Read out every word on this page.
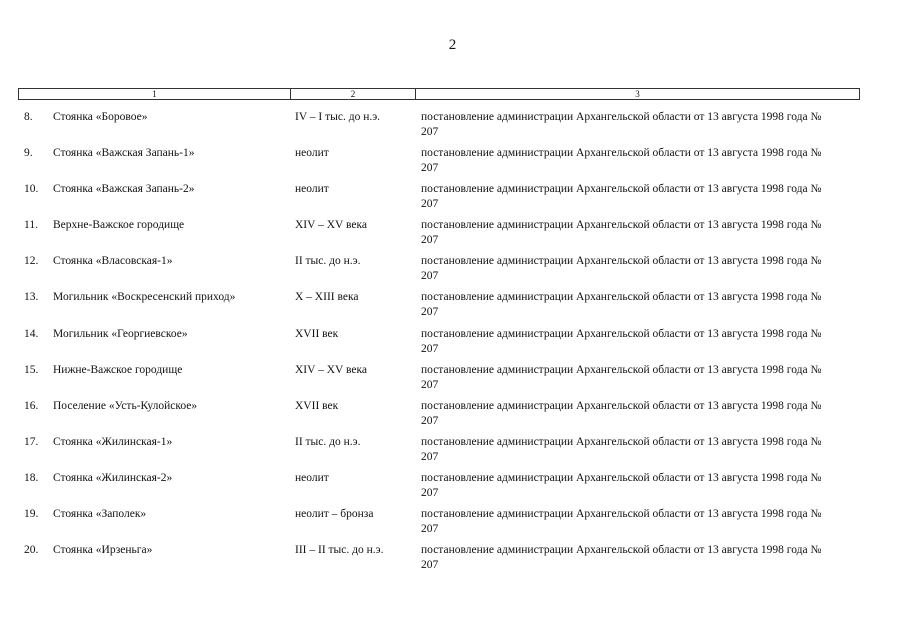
2
1	2	3
8. Стоянка «Боровое»	IV – I тыс. до н.э.	постановление администрации Архангельской области от 13 августа 1998 года № 207
9. Стоянка «Важская Запань-1»	неолит	постановление администрации Архангельской области от 13 августа 1998 года № 207
10. Стоянка «Важская Запань-2»	неолит	постановление администрации Архангельской области от 13 августа 1998 года № 207
11. Верхне-Важское городище	XIV – XV века	постановление администрации Архангельской области от 13 августа 1998 года № 207
12. Стоянка «Власовская-1»	II тыс. до н.э.	постановление администрации Архангельской области от 13 августа 1998 года № 207
13. Могильник «Воскресенский приход»	X – XIII века	постановление администрации Архангельской области от 13 августа 1998 года № 207
14. Могильник «Георгиевское»	XVII век	постановление администрации Архангельской области от 13 августа 1998 года № 207
15. Нижне-Важское городище	XIV – XV века	постановление администрации Архангельской области от 13 августа 1998 года № 207
16. Поселение «Усть-Кулойское»	XVII век	постановление администрации Архангельской области от 13 августа 1998 года № 207
17. Стоянка «Жилинская-1»	II тыс. до н.э.	постановление администрации Архангельской области от 13 августа 1998 года № 207
18. Стоянка «Жилинская-2»	неолит	постановление администрации Архангельской области от 13 августа 1998 года № 207
19. Стоянка «Заполек»	неолит – бронза	постановление администрации Архангельской области от 13 августа 1998 года № 207
20. Стоянка «Ирзеньга»	III – II тыс. до н.э.	постановление администрации Архангельской области от 13 августа 1998 года № 207
